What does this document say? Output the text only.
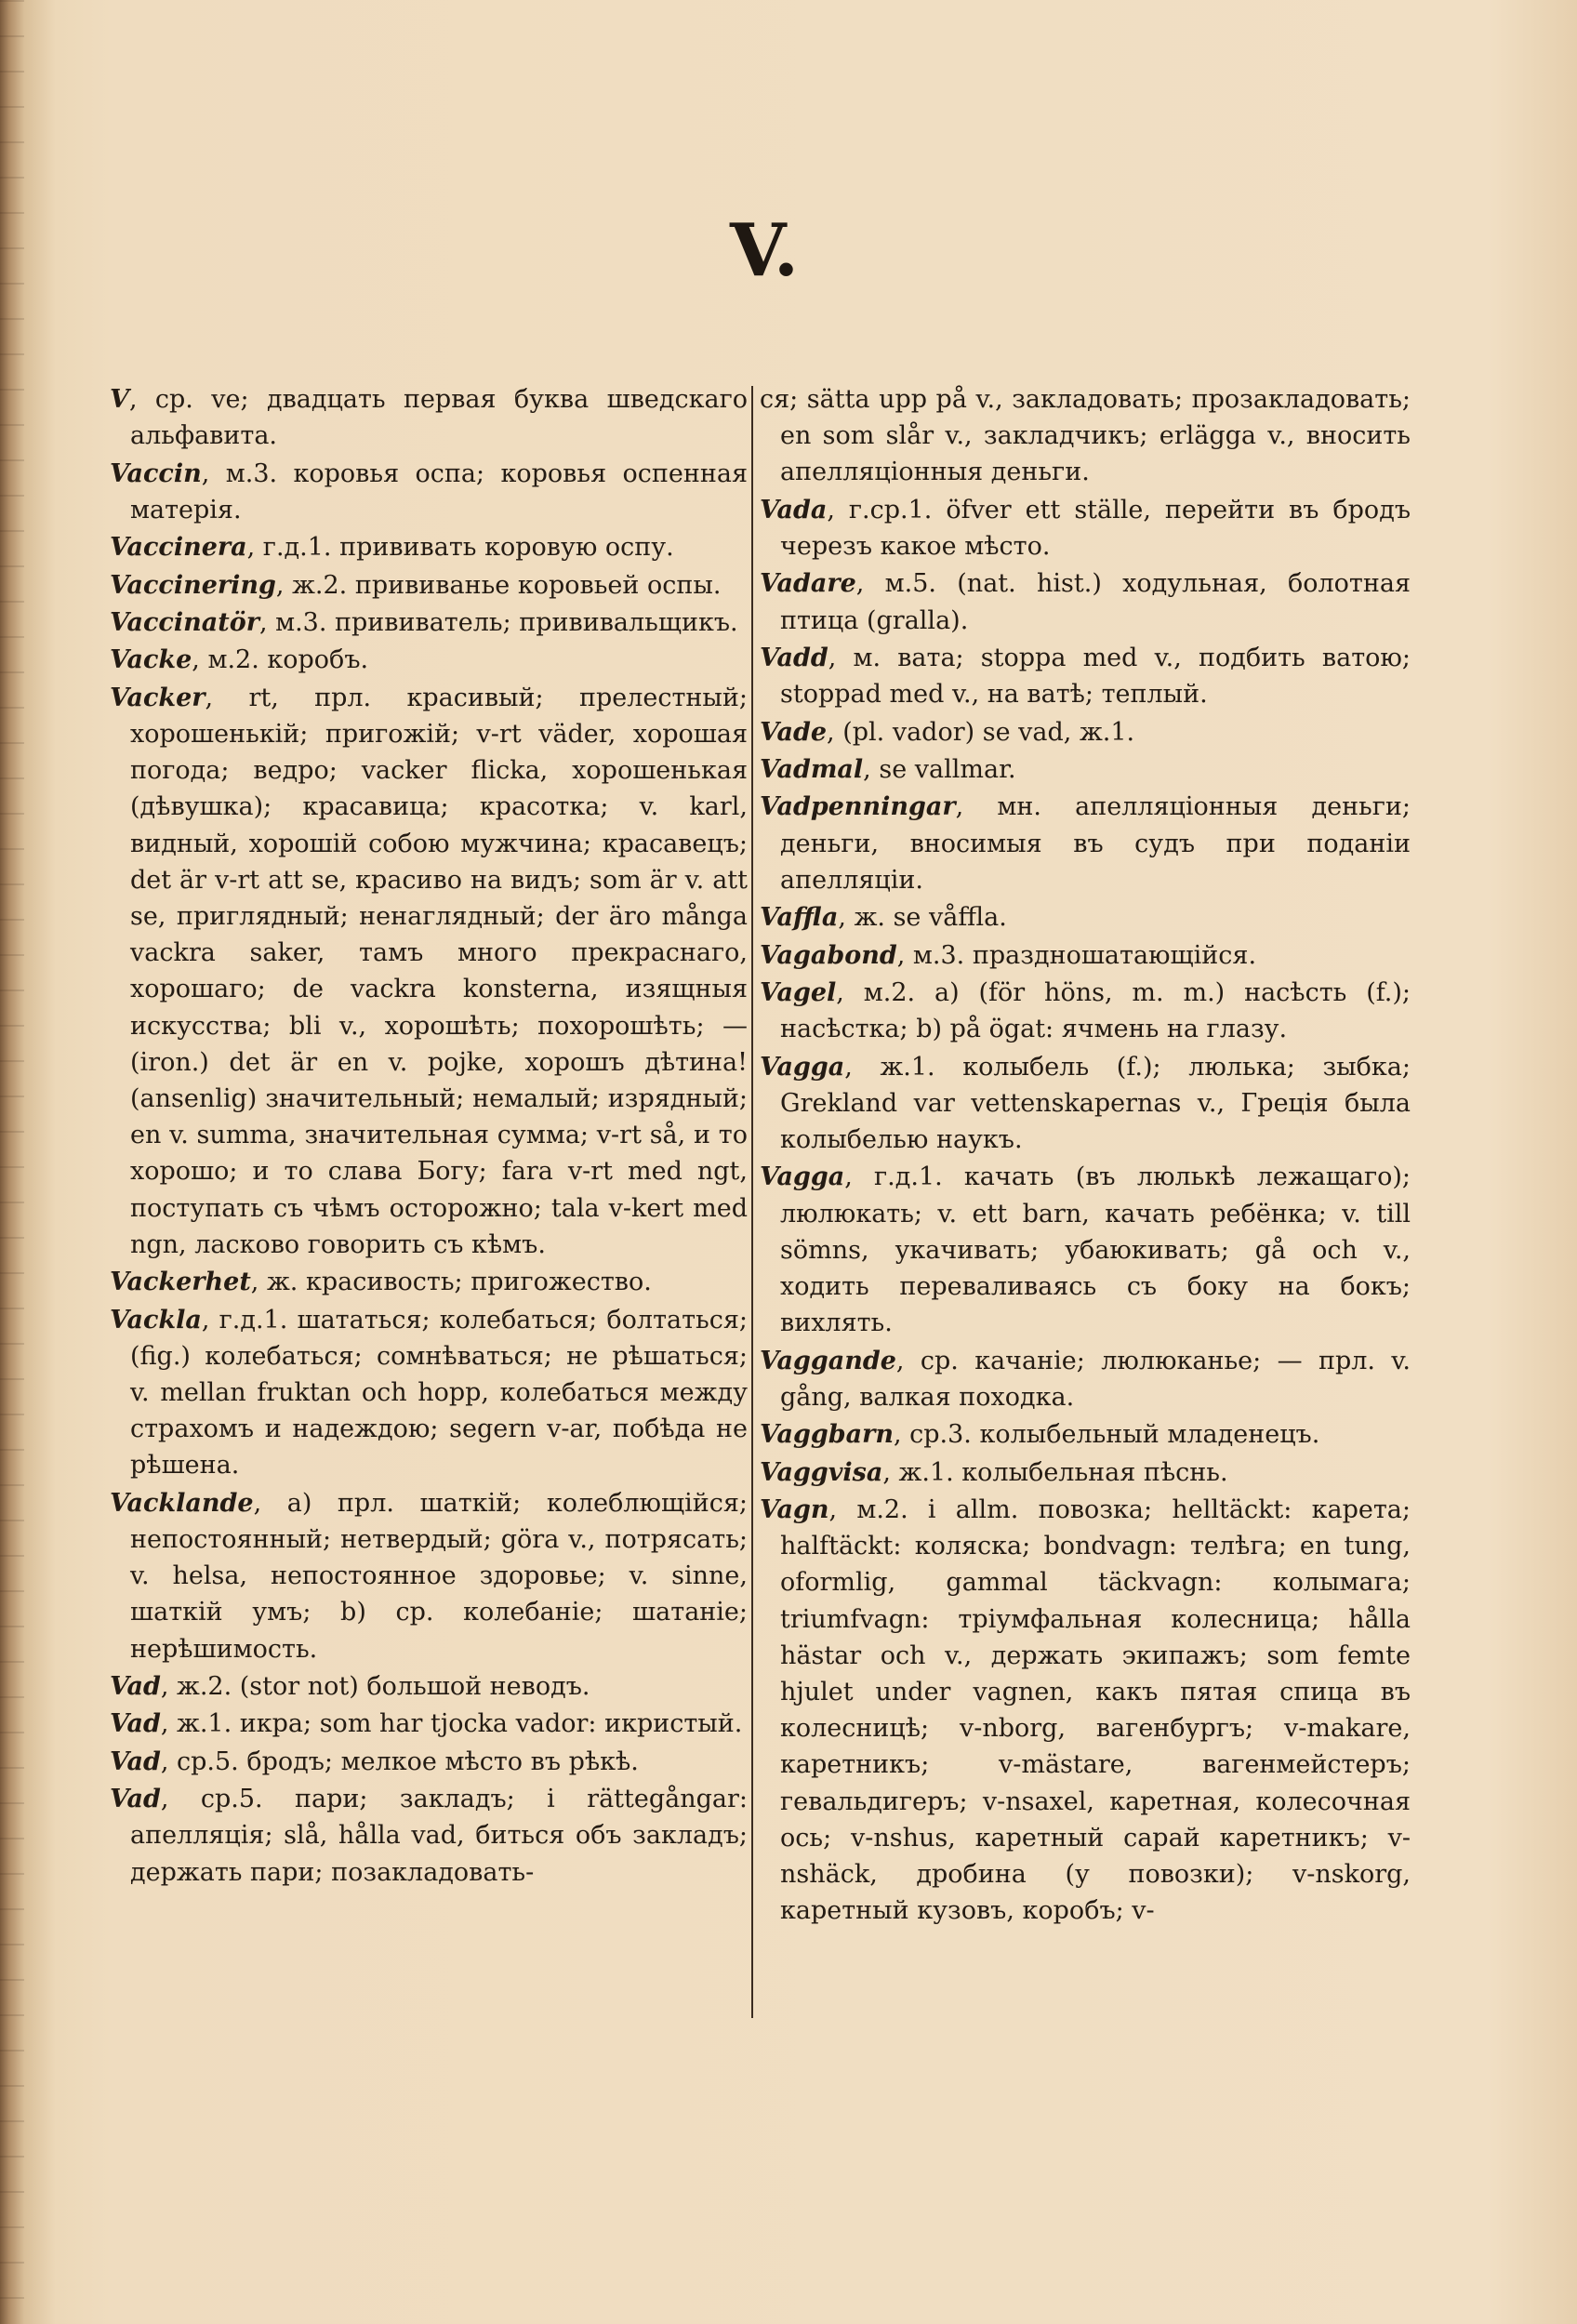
V.
V, ср. ve; двадцать первая буква шведскаго альфавита.
Vaccin, м.3. коровья оспа; коровья оспенная матерія.
Vaccinera, г.д.1. прививать коровую оспу.
Vaccinering, ж.2. прививанье коровьей оспы.
Vaccinatör, м.3. прививатель; прививальщикъ.
Vacke, м.2. коробъ.
Vacker, rt, прл. красивый; прелестный; хорошенькій; пригожій; v-rt väder, хорошая погода; ведро; vacker flicka, хорошенькая (дѣвушка); красавица; красотка; v. karl, видный, хорошій собою мужчина; красавецъ; det är v-rt att se, красиво на видъ; som är v. att se, приглядный; ненаглядный; der äro många vackra saker, тамъ много прекраснаго, хорошаго; de vackra konsterna, изящныя искусства; bli v., хорошѣть; похорошѣть; — (iron.) det är en v. pojke, хорошъ дѣтина! (ansenlig) значительный; немалый; изрядный; en v. summa, значительная сумма; v-rt så, и то хорошо; и то слава Богу; fara v-rt med ngt, поступать съ чѣмъ осторожно; tala v-kert med ngn, ласково говорить съ кѣмъ.
Vackerhet, ж. красивость; пригожество.
Vackla, г.д.1. шататься; колебаться; болтаться; (fig.) колебаться; сомнѣваться; не рѣшаться; v. mellan fruktan och hopp, колебаться между страхомъ и надеждою; segern v-ar, побѣда не рѣшена.
Vacklande, a) прл. шаткій; колеблющійся; непостоянный; нетвердый; göra v., потрясать; v. helsa, непостоянное здоровье; v. sinne, шаткій умъ; b) ср. колебаніе; шатаніе; нерѣшимость.
Vad, ж.2. (stor not) большой неводъ.
Vad, ж.1. икра; som har tjocka vador: икристый.
Vad, ср.5. бродъ; мелкое мѣсто въ рѣкѣ.
Vad, ср.5. пари; закладъ; i rättegångar: апелляція; slå, hålla vad, биться объ закладъ; держать пари; позакладовать-
ся; sätta upp på v., закладовать; прозакладовать; en som slår v., закладчикъ; erlägga v., вносить апелляціонныя деньги.
Vada, г.ср.1. öfver ett ställe, перейти въ бродъ черезъ какое мѣсто.
Vadare, м.5. (nat. hist.) ходульная, болотная птица (gralla).
Vadd, м. вата; stoppa med v., подбить ватою; stoppad med v., на ватѣ; теплый.
Vade, (pl. vador) se vad, ж.1.
Vadmal, se vallmar.
Vadpenningar, мн. апелляціонныя деньги; деньги, вносимыя въ судъ при поданіи апелляціи.
Vaffla, ж. se våffla.
Vagabond, м.3. праздношатающійся.
Vagel, м.2. a) (för höns, m. m.) насѣсть (f.); насѣстка; b) på ögat: ячмень на глазу.
Vagga, ж.1. колыбель (f.); люлька; зыбка; Grekland var vettenskapernas v., Греція была колыбелью наукъ.
Vagga, г.д.1. качать (въ люлькѣ лежащаго); люлюкать; v. ett barn, качать ребёнка; v. till sömns, укачивать; убаюкивать; gå och v., ходить переваливаясь съ боку на бокъ; вихлять.
Vaggande, ср. качаніе; люлюканье; — прл. v. gång, валкая походка.
Vaggbarn, ср.3. колыбельный младенецъ.
Vaggvisa, ж.1. колыбельная пѣснь.
Vagn, м.2. i allm. повозка; helltäckt: карета; halftäckt: коляска; bondvagn: телѣга; en tung, oformlig, gammal täckvagn: колымага; triumfvagn: тріумфальная колесница; hålla hästar och v., держать экипажъ; som femte hjulet under vagnen, какъ пятая спица въ колесницѣ; v-nborg, вагенбургъ; v-makare, каретникъ; v-mästare, вагенмейстеръ; гевальдигеръ; v-nsaxel, каретная, колесочная ось; v-nshus, каретный сарай каретникъ; v-nshäck, дробина (у повозки); v-nskorg, каретный кузовъ, коробъ; v-
